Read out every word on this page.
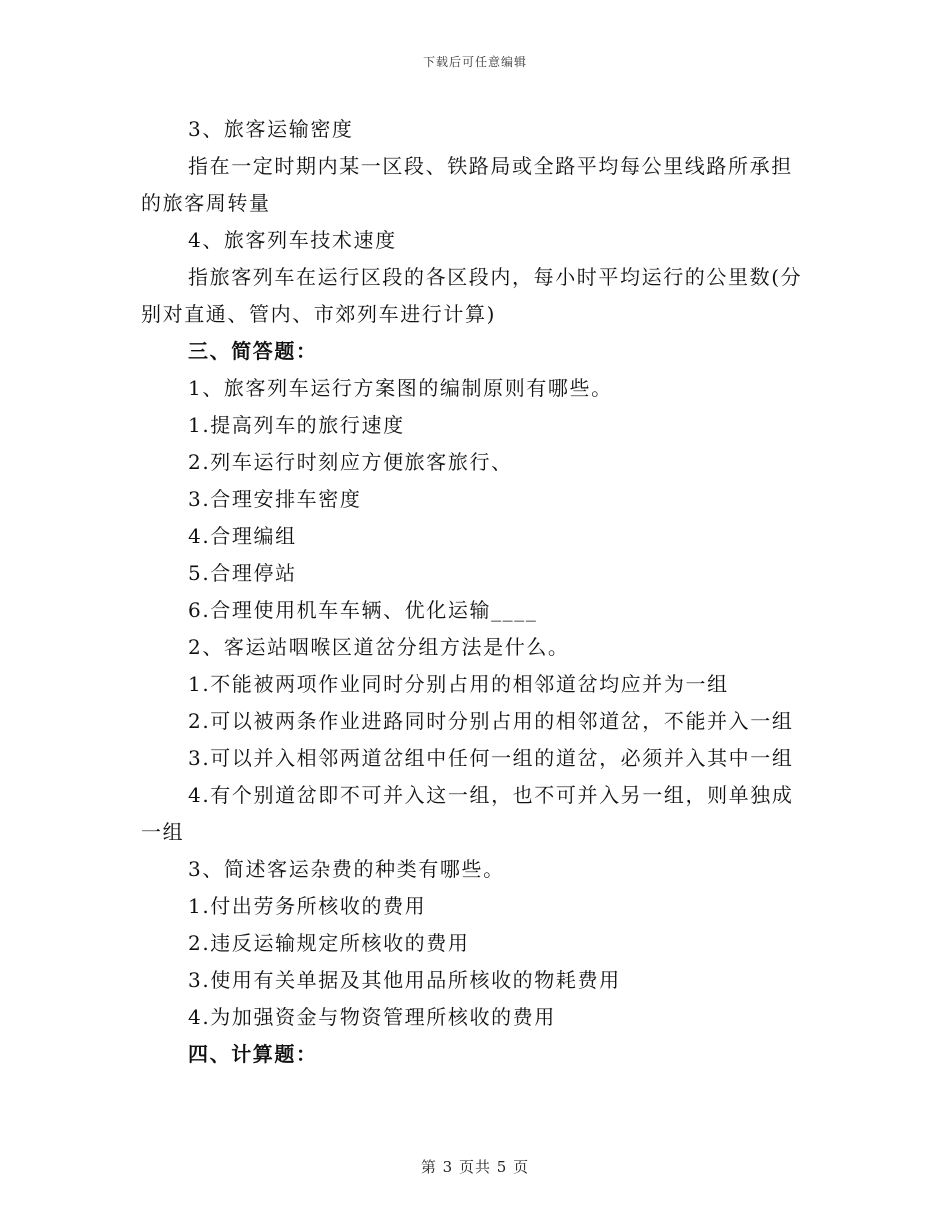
下载后可任意编辑
3、旅客运输密度
指在一定时期内某一区段、铁路局或全路平均每公里线路所承担
的旅客周转量
4、旅客列车技术速度
指旅客列车在运行区段的各区段内，每小时平均运行的公里数(分
别对直通、管内、市郊列车进行计算)
三、简答题：
1、旅客列车运行方案图的编制原则有哪些。
1.提高列车的旅行速度
2.列车运行时刻应方便旅客旅行、
3.合理安排车密度
4.合理编组
5.合理停站
6.合理使用机车车辆、优化运输____
2、客运站咽喉区道岔分组方法是什么。
1.不能被两项作业同时分别占用的相邻道岔均应并为一组
2.可以被两条作业进路同时分别占用的相邻道岔，不能并入一组
3.可以并入相邻两道岔组中任何一组的道岔，必须并入其中一组
4.有个别道岔即不可并入这一组，也不可并入另一组，则单独成
一组
3、简述客运杂费的种类有哪些。
1.付出劳务所核收的费用
2.违反运输规定所核收的费用
3.使用有关单据及其他用品所核收的物耗费用
4.为加强资金与物资管理所核收的费用
四、计算题：
第 3 页共 5 页
